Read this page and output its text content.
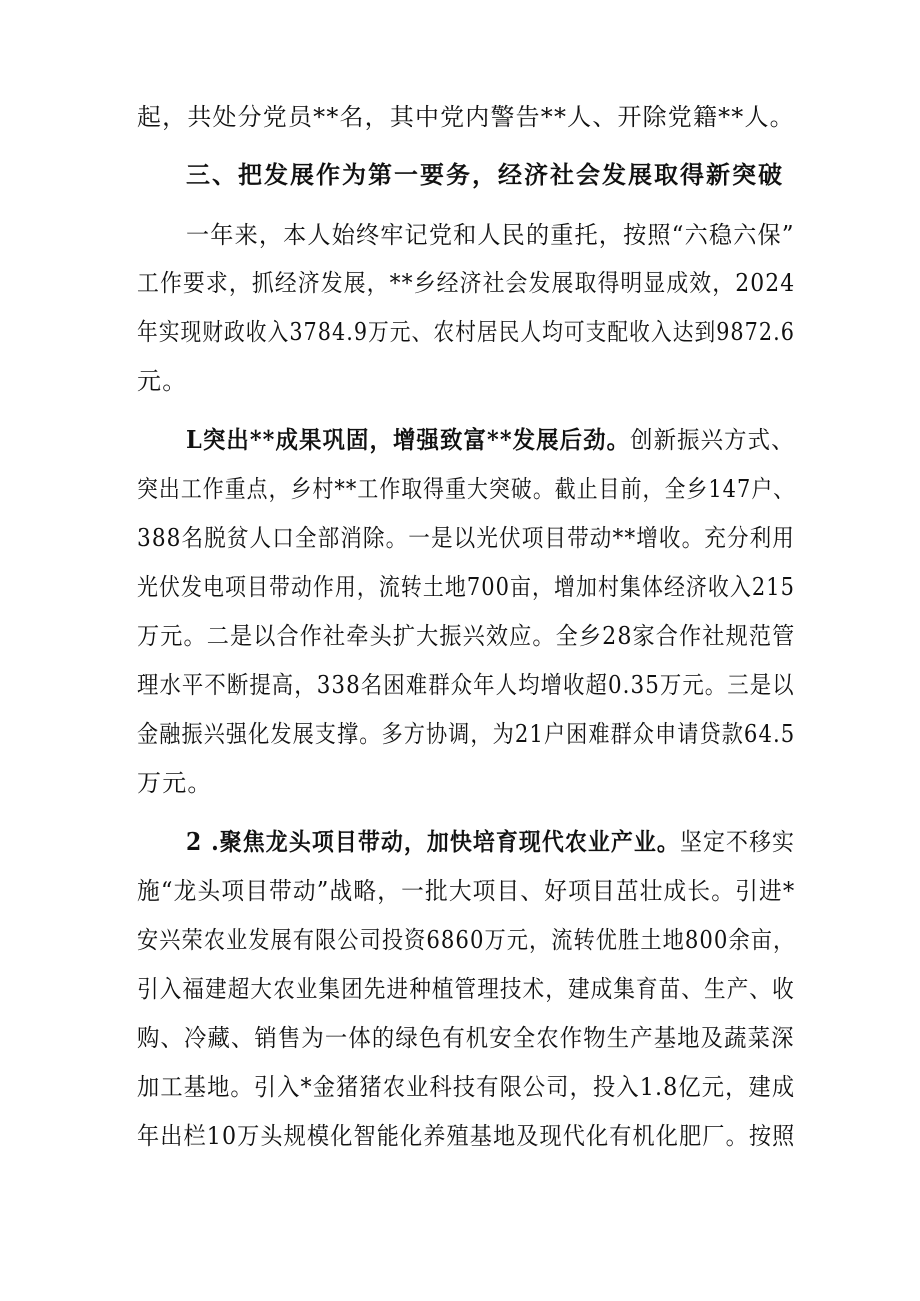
起，共处分党员**名，其中党内警告**人、开除党籍**人。
三、把发展作为第一要务，经济社会发展取得新突破
一年来，本人始终牢记党和人民的重托，按照“六稳六保”
工作要求，抓经济发展，**乡经济社会发展取得明显成效，2024
年实现财政收入3784.9万元、农村居民人均可支配收入达到9872.6
元。
L突出**成果巩固，增强致富**发展后劲。创新振兴方式、
突出工作重点，乡村**工作取得重大突破。截止目前，全乡147户、
388名脱贫人口全部消除。一是以光伏项目带动**增收。充分利用
光伏发电项目带动作用，流转土地700亩，增加村集体经济收入215
万元。二是以合作社牵头扩大振兴效应。全乡28家合作社规范管
理水平不断提高，338名困难群众年人均增收超0.35万元。三是以
金融振兴强化发展支撑。多方协调，为21户困难群众申请贷款64.5
万元。
2 .聚焦龙头项目带动，加快培育现代农业产业。坚定不移实
施“龙头项目带动”战略，一批大项目、好项目茁壮成长。引进*
安兴荣农业发展有限公司投资6860万元，流转优胜土地800余亩，
引入福建超大农业集团先进种植管理技术，建成集育苗、生产、收
购、冷藏、销售为一体的绿色有机安全农作物生产基地及蔬菜深
加工基地。引入*金猪猪农业科技有限公司，投入1.8亿元，建成
年出栏10万头规模化智能化养殖基地及现代化有机化肥厂。按照
